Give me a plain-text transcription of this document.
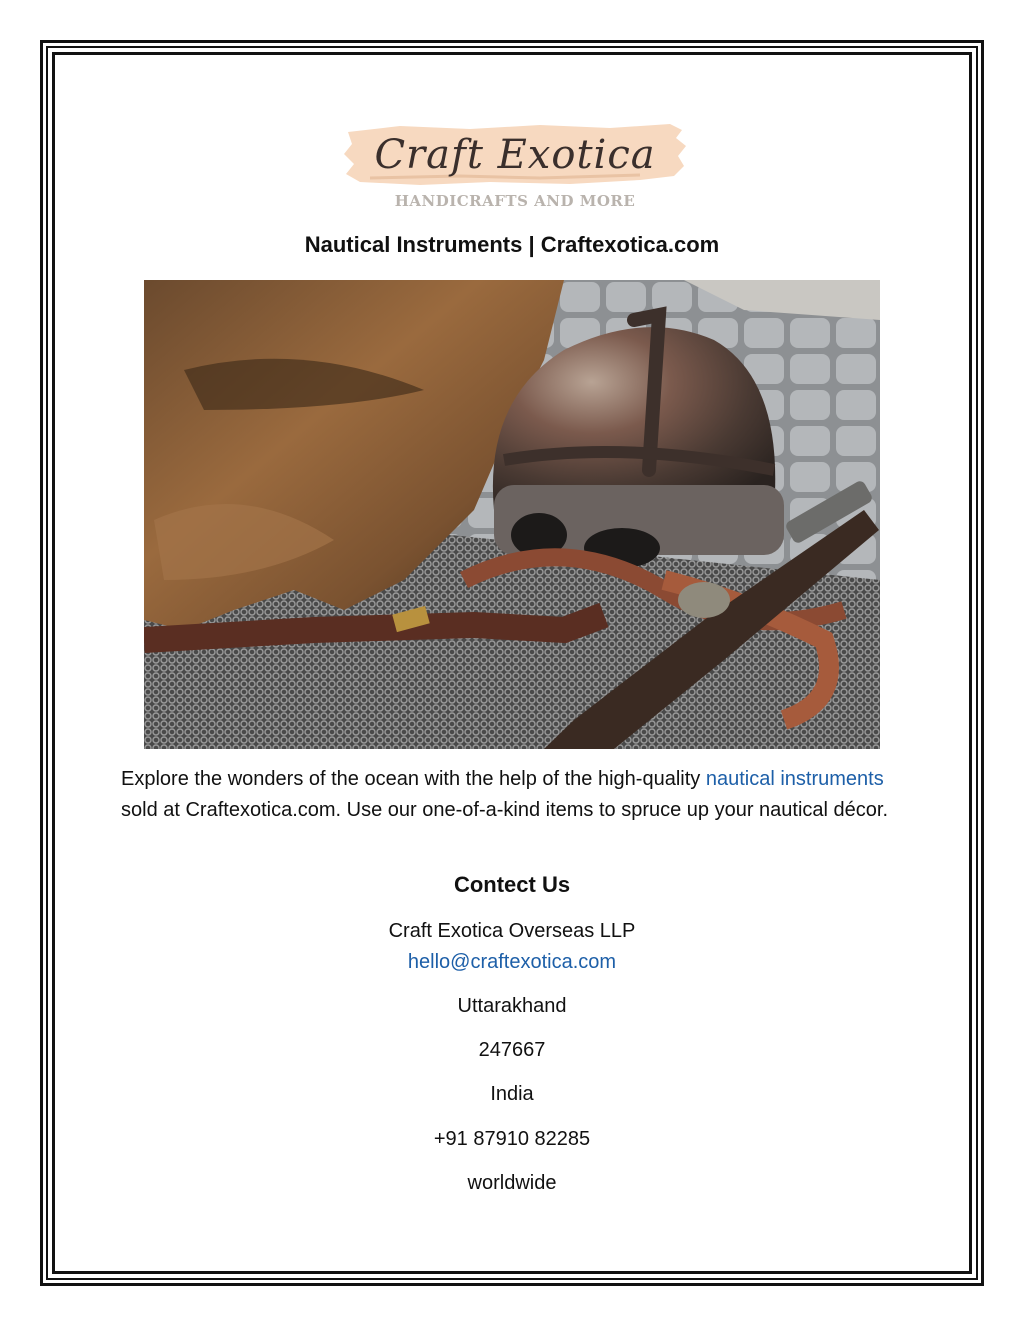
Craft Exotica
HANDICRAFTS AND MORE
Nautical Instruments | Craftexotica.com
Explore the wonders of the ocean with the help of the high-quality nautical instruments sold at Craftexotica.com. Use our one-of-a-kind items to spruce up your nautical décor.
Contect Us
Craft Exotica Overseas LLP
hello@craftexotica.com
Uttarakhand
247667
India
+91 87910 82285
worldwide
